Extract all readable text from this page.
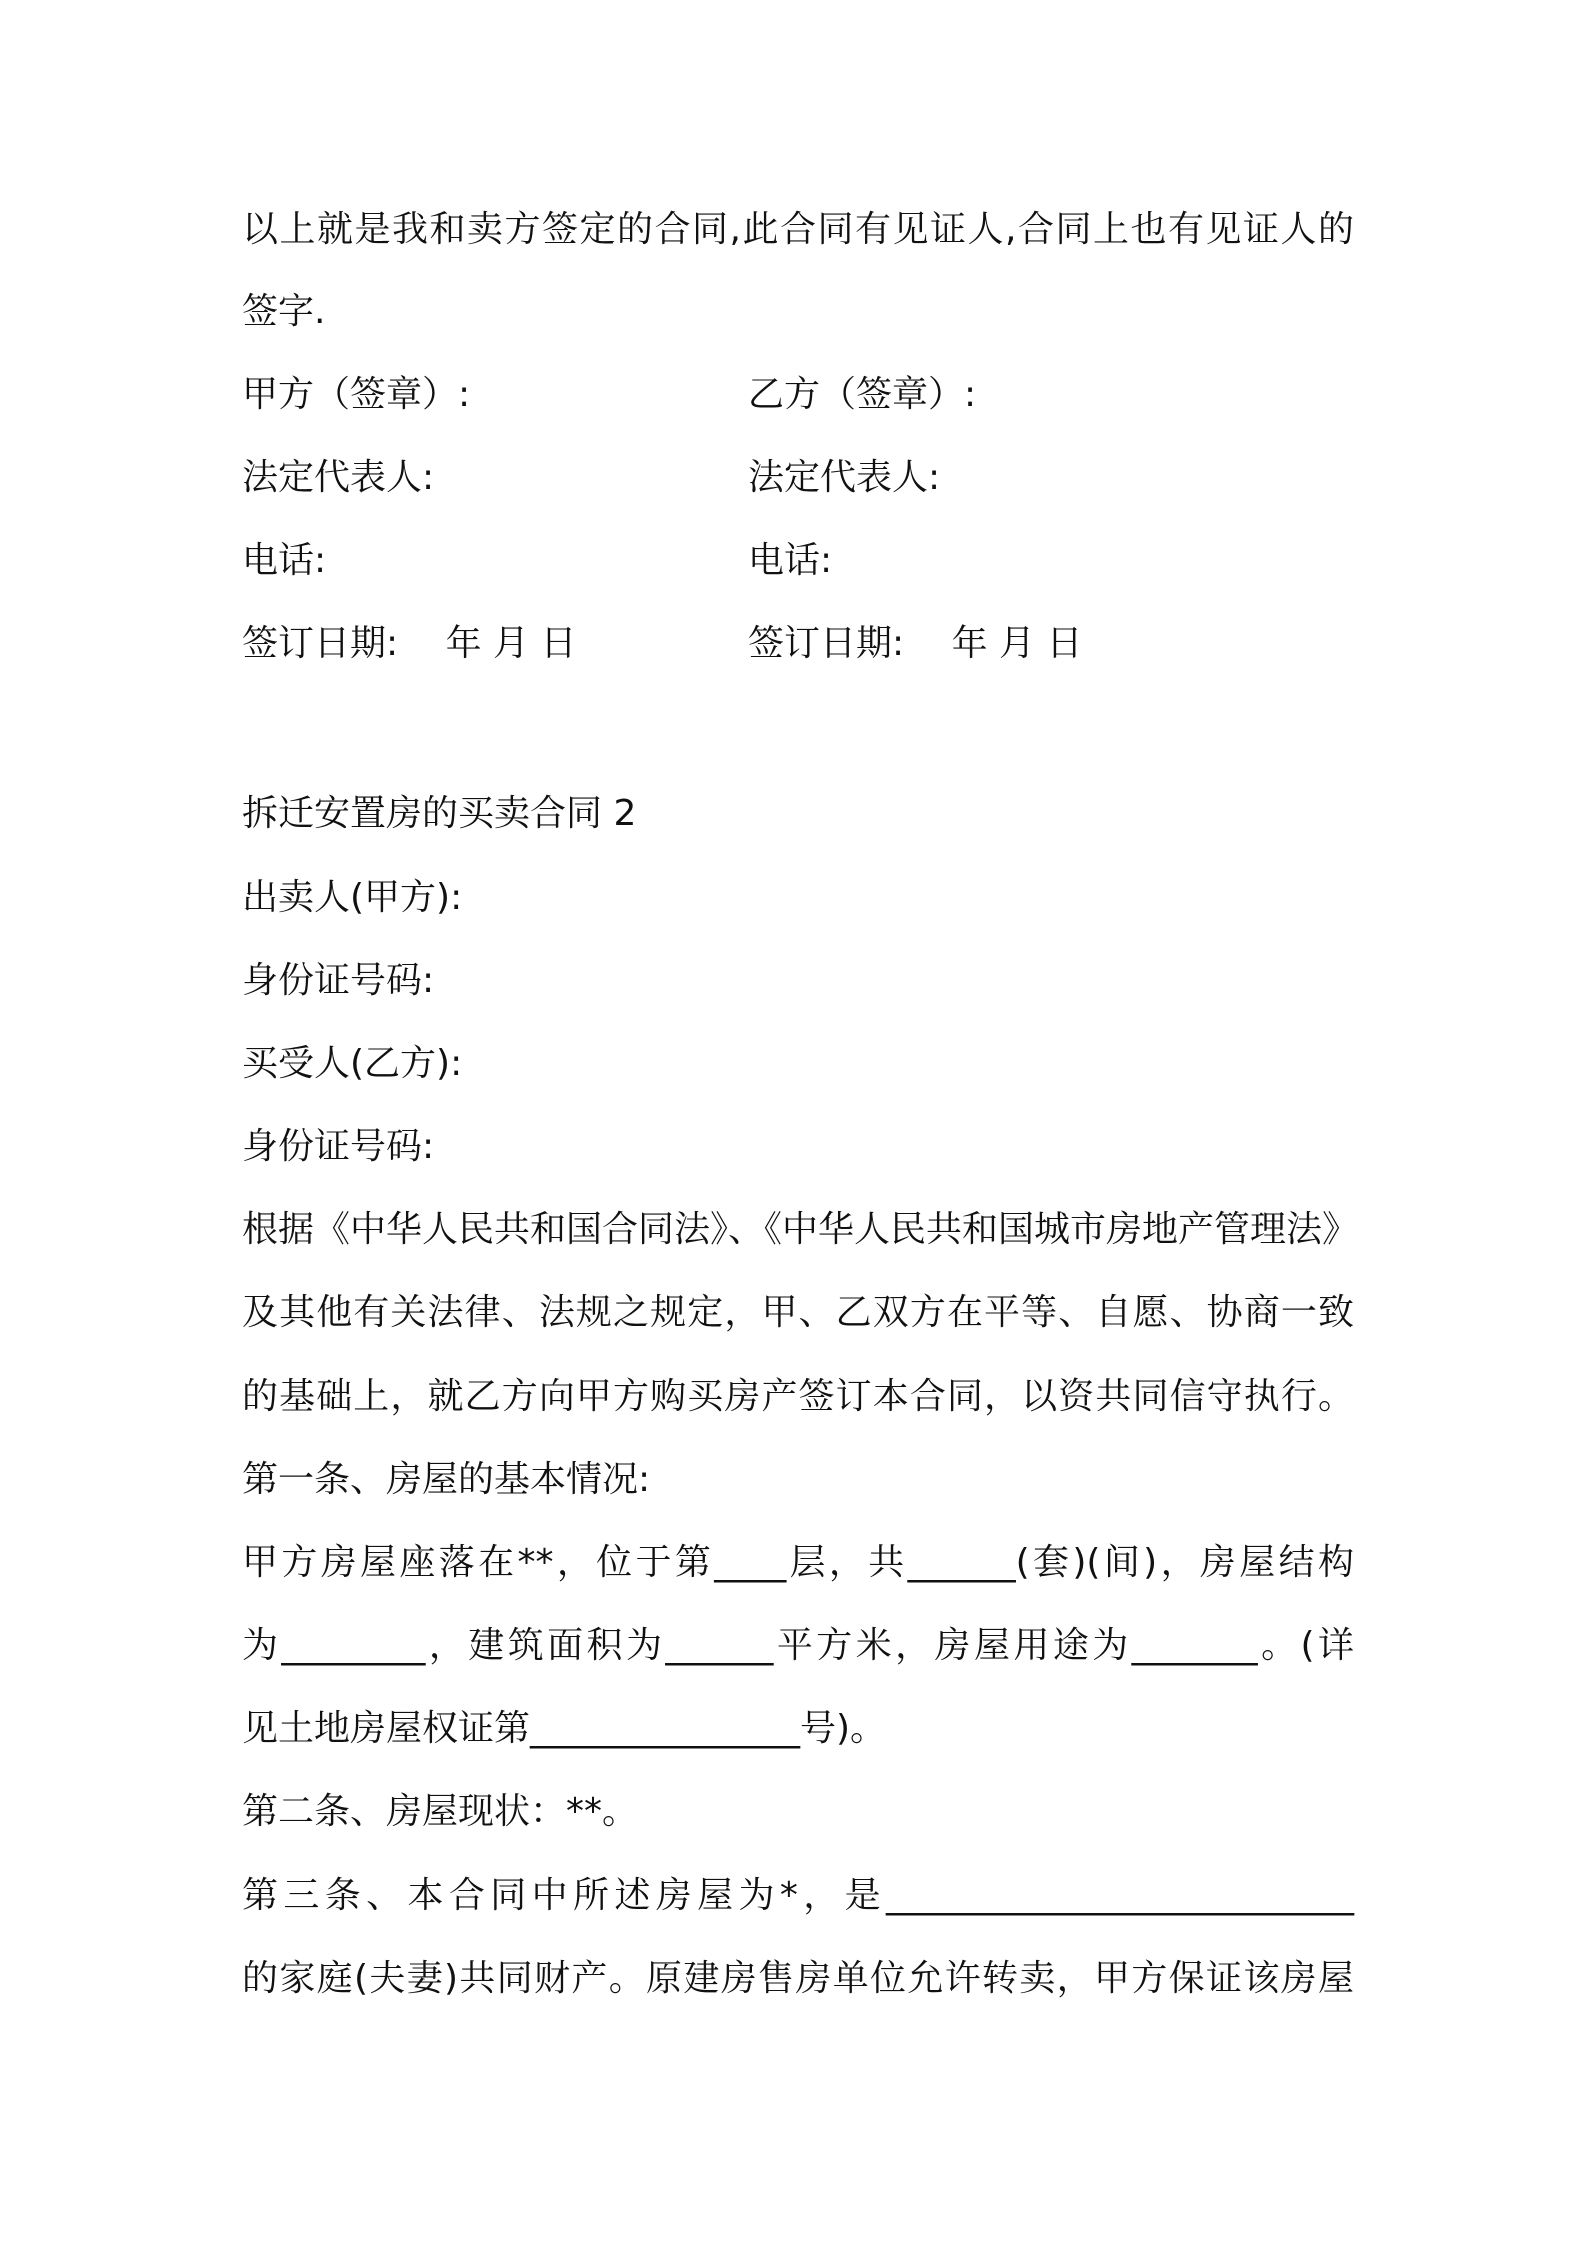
以上就是我和卖方签定的合同,此合同有见证人,合同上也有见证人的

签字.

甲方（签章）:	乙方（签章）:
法定代表人:	法定代表人:
电话:	电话:
签订日期:　 年 月 日	签订日期:　 年 月 日

拆迁安置房的买卖合同 2

出卖人(甲方):

身份证号码:

买受人(乙方):

身份证号码:

根据《中华人民共和国合同法》、《中华人民共和国城市房地产管理法》

及其他有关法律、法规之规定，甲、乙双方在平等、自愿、协商一致

的基础上，就乙方向甲方购买房产签订本合同，以资共同信守执行。

第一条、房屋的基本情况:

甲方房屋座落在**，位于第____层，共______(套)(间)，房屋结构

为________，建筑面积为______平方米，房屋用途为_______。(详

见土地房屋权证第_______________号)。

第二条、房屋现状：**。

第三条、本合同中所述房屋为*，是__________________________

的家庭(夫妻)共同财产。原建房售房单位允许转卖，甲方保证该房屋
